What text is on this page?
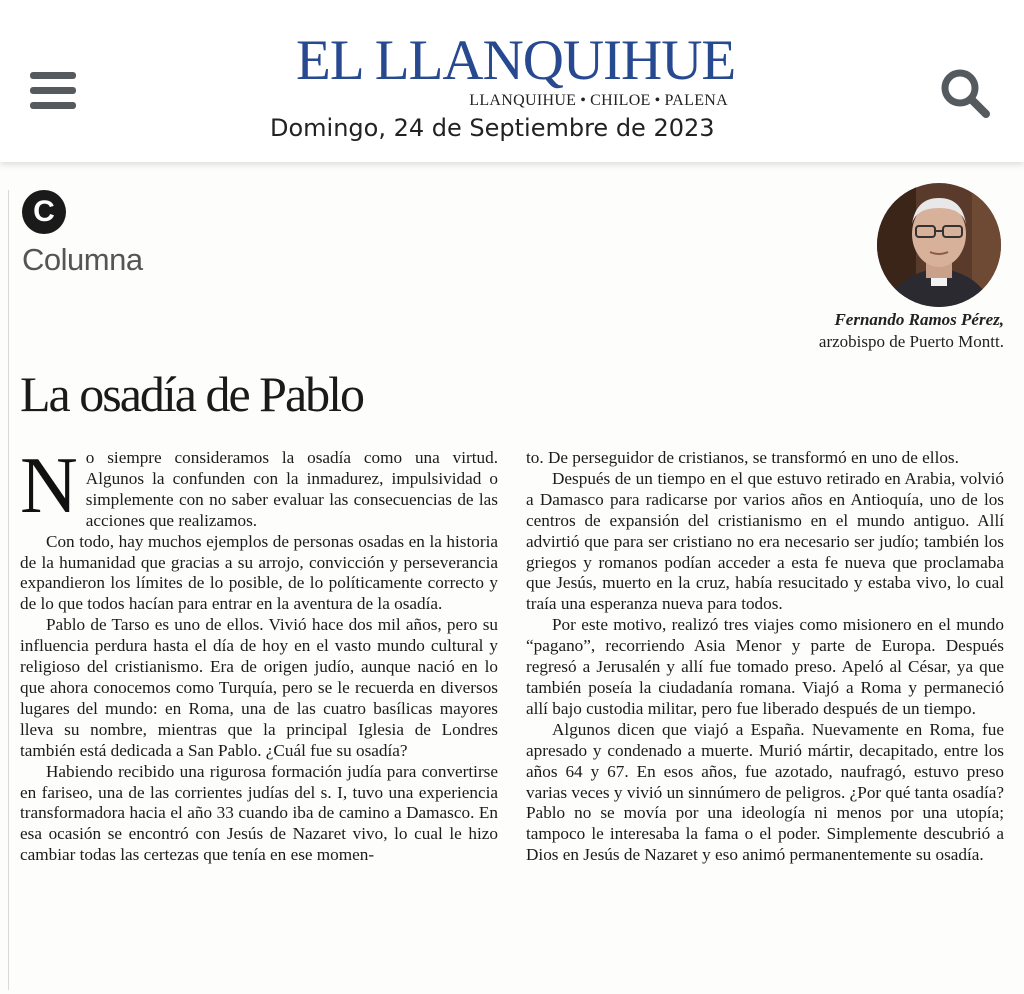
EL LLANQUIHUE
LLANQUIHUE • CHILOE • PALENA
Domingo, 24 de Septiembre de 2023
C
Columna
Fernando Ramos Pérez,
arzobispo de Puerto Montt.
La osadía de Pablo

No siempre consideramos la osadía como una virtud. Algunos la confunden con la inmadurez, impulsividad o simplemente con no saber evaluar las consecuencias de las acciones que realizamos.

Con todo, hay muchos ejemplos de personas osadas en la historia de la humanidad que gracias a su arrojo, convicción y perseverancia expandieron los límites de lo posible, de lo políticamente correcto y de lo que todos hacían para entrar en la aventura de la osadía.

Pablo de Tarso es uno de ellos. Vivió hace dos mil años, pero su influencia perdura hasta el día de hoy en el vasto mundo cultural y religioso del cristianismo. Era de origen judío, aunque nació en lo que ahora conocemos como Turquía, pero se le recuerda en diversos lugares del mundo: en Roma, una de las cuatro basílicas mayores lleva su nombre, mientras que la principal Iglesia de Londres también está dedicada a San Pablo. ¿Cuál fue su osadía?

Habiendo recibido una rigurosa formación judía para convertirse en fariseo, una de las corrientes judías del s. I, tuvo una experiencia transformadora hacia el año 33 cuando iba de camino a Damasco. En esa ocasión se encontró con Jesús de Nazaret vivo, lo cual le hizo cambiar todas las certezas que tenía en ese momen-

to. De perseguidor de cristianos, se transformó en uno de ellos.

Después de un tiempo en el que estuvo retirado en Arabia, volvió a Damasco para radicarse por varios años en Antioquía, uno de los centros de expansión del cristianismo en el mundo antiguo. Allí advirtió que para ser cristiano no era necesario ser judío; también los griegos y romanos podían acceder a esta fe nueva que proclamaba que Jesús, muerto en la cruz, había resucitado y estaba vivo, lo cual traía una esperanza nueva para todos.

Por este motivo, realizó tres viajes como misionero en el mundo “pagano”, recorriendo Asia Menor y parte de Europa. Después regresó a Jerusalén y allí fue tomado preso. Apeló al César, ya que también poseía la ciudadanía romana. Viajó a Roma y permaneció allí bajo custodia militar, pero fue liberado después de un tiempo.

Algunos dicen que viajó a España. Nuevamente en Roma, fue apresado y condenado a muerte. Murió mártir, decapitado, entre los años 64 y 67. En esos años, fue azotado, naufragó, estuvo preso varias veces y vivió un sinnúmero de peligros. ¿Por qué tanta osadía? Pablo no se movía por una ideología ni menos por una utopía; tampoco le interesaba la fama o el poder. Simplemente descubrió a Dios en Jesús de Nazaret y eso animó permanentemente su osadía.
